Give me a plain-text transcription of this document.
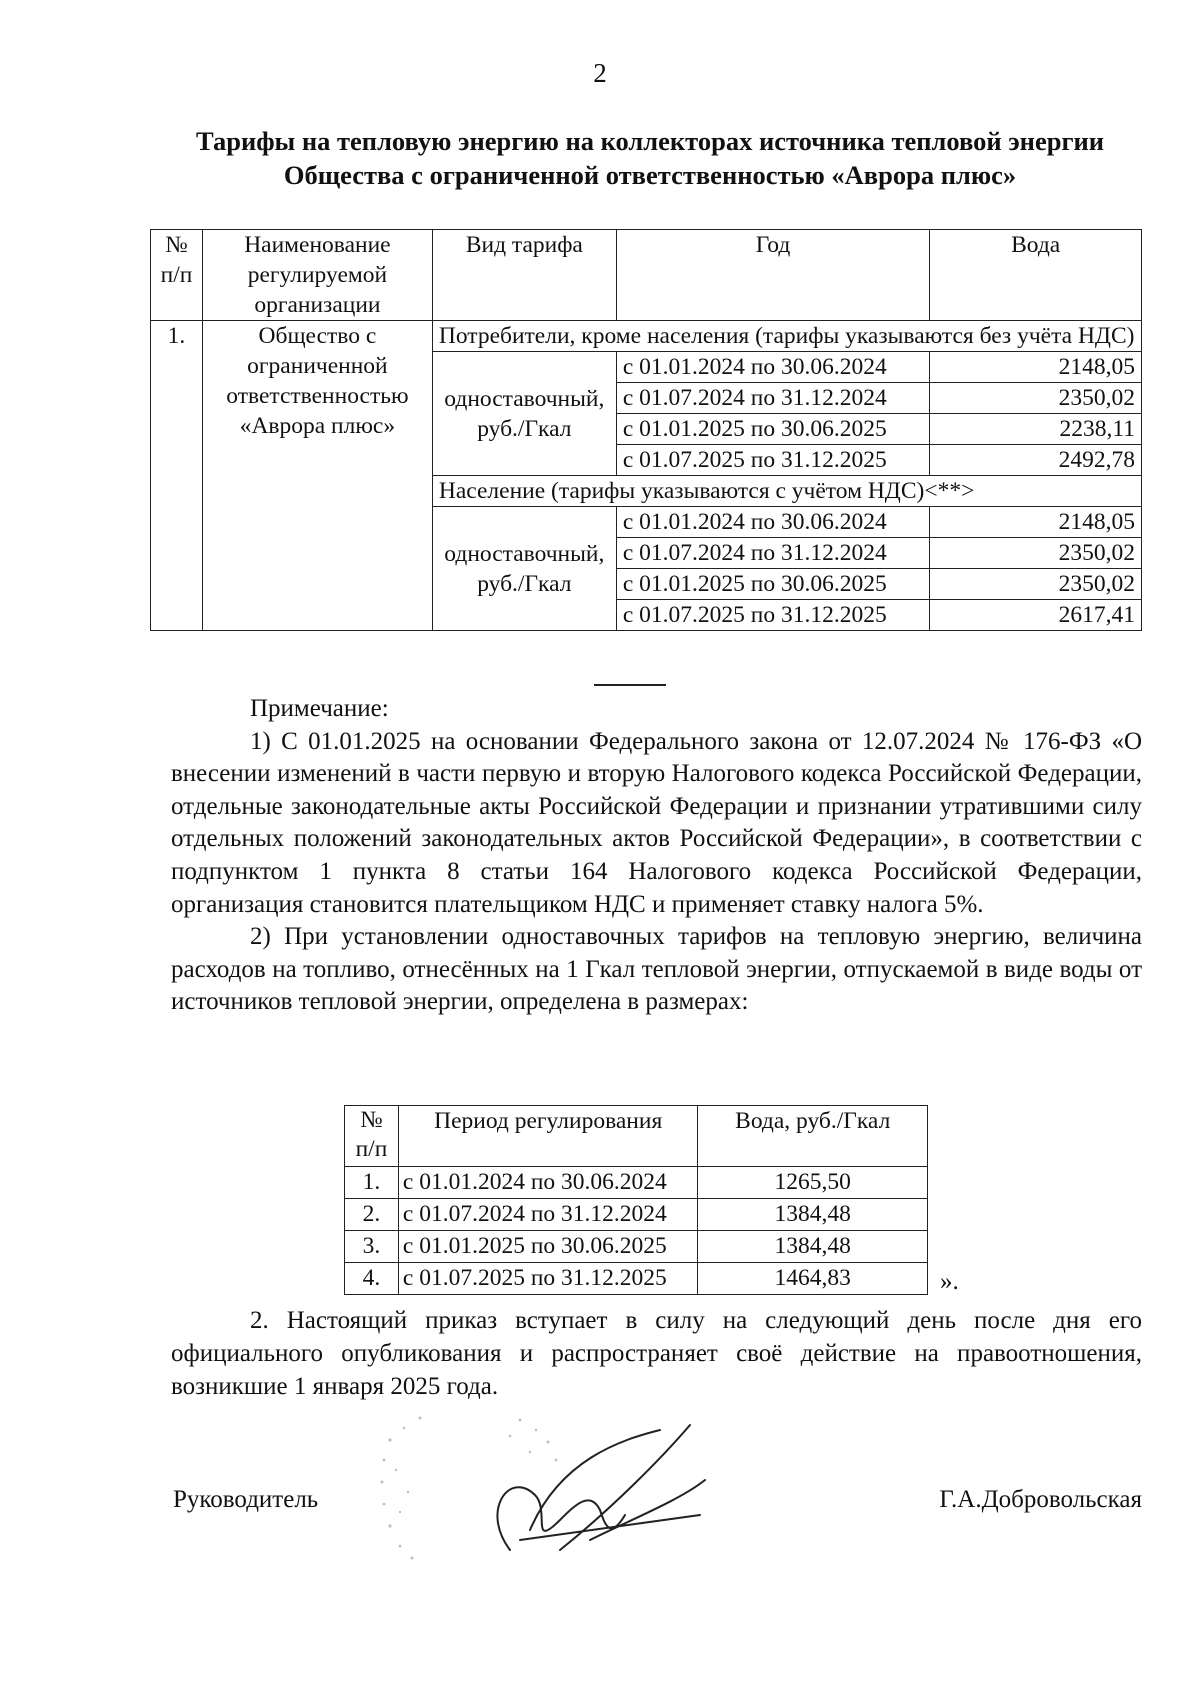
2
Тарифы на тепловую энергию на коллекторах источника тепловой энергии Общества с ограниченной ответственностью «Аврора плюс»
№ п/п	Наименование регулируемой организации	Вид тарифа	Год	Вода
1.	Общество с ограниченной ответственностью «Аврора плюс»	Потребители, кроме населения (тарифы указываются без учёта НДС)		
		одноставочный, руб./Гкал	с 01.01.2024 по 30.06.2024	2148,05
			с 01.07.2024 по 31.12.2024	2350,02
			с 01.01.2025 по 30.06.2025	2238,11
			с 01.07.2025 по 31.12.2025	2492,78
		Население (тарифы указываются с учётом НДС)<**>		
		одноставочный, руб./Гкал	с 01.01.2024 по 30.06.2024	2148,05
			с 01.07.2024 по 31.12.2024	2350,02
			с 01.01.2025 по 30.06.2025	2350,02
			с 01.07.2025 по 31.12.2025	2617,41

Примечание:

1) С 01.01.2025 на основании Федерального закона от 12.07.2024 № 176-ФЗ «О внесении изменений в части первую и вторую Налогового кодекса Российской Федерации, отдельные законодательные акты Российской Федерации и признании утратившими силу отдельных положений законодательных актов Российской Федерации», в соответствии с подпунктом 1 пункта 8 статьи 164 Налогового кодекса Российской Федерации, организация становится плательщиком НДС и применяет ставку налога 5%.

2) При установлении одноставочных тарифов на тепловую энергию, величина расходов на топливо, отнесённых на 1 Гкал тепловой энергии, отпускаемой в виде воды от источников тепловой энергии, определена в размерах:

№ п/п	Период регулирования	Вода, руб./Гкал
1.	с 01.01.2024 по 30.06.2024	1265,50
2.	с 01.07.2024 по 31.12.2024	1384,48
3.	с 01.01.2025 по 30.06.2025	1384,48
4.	с 01.07.2025 по 31.12.2025	1464,83	».

2. Настоящий приказ вступает в силу на следующий день после дня его официального опубликования и распространяет своё действие на правоотношения, возникшие 1 января 2025 года.

Руководитель	Г.А.Добровольская
